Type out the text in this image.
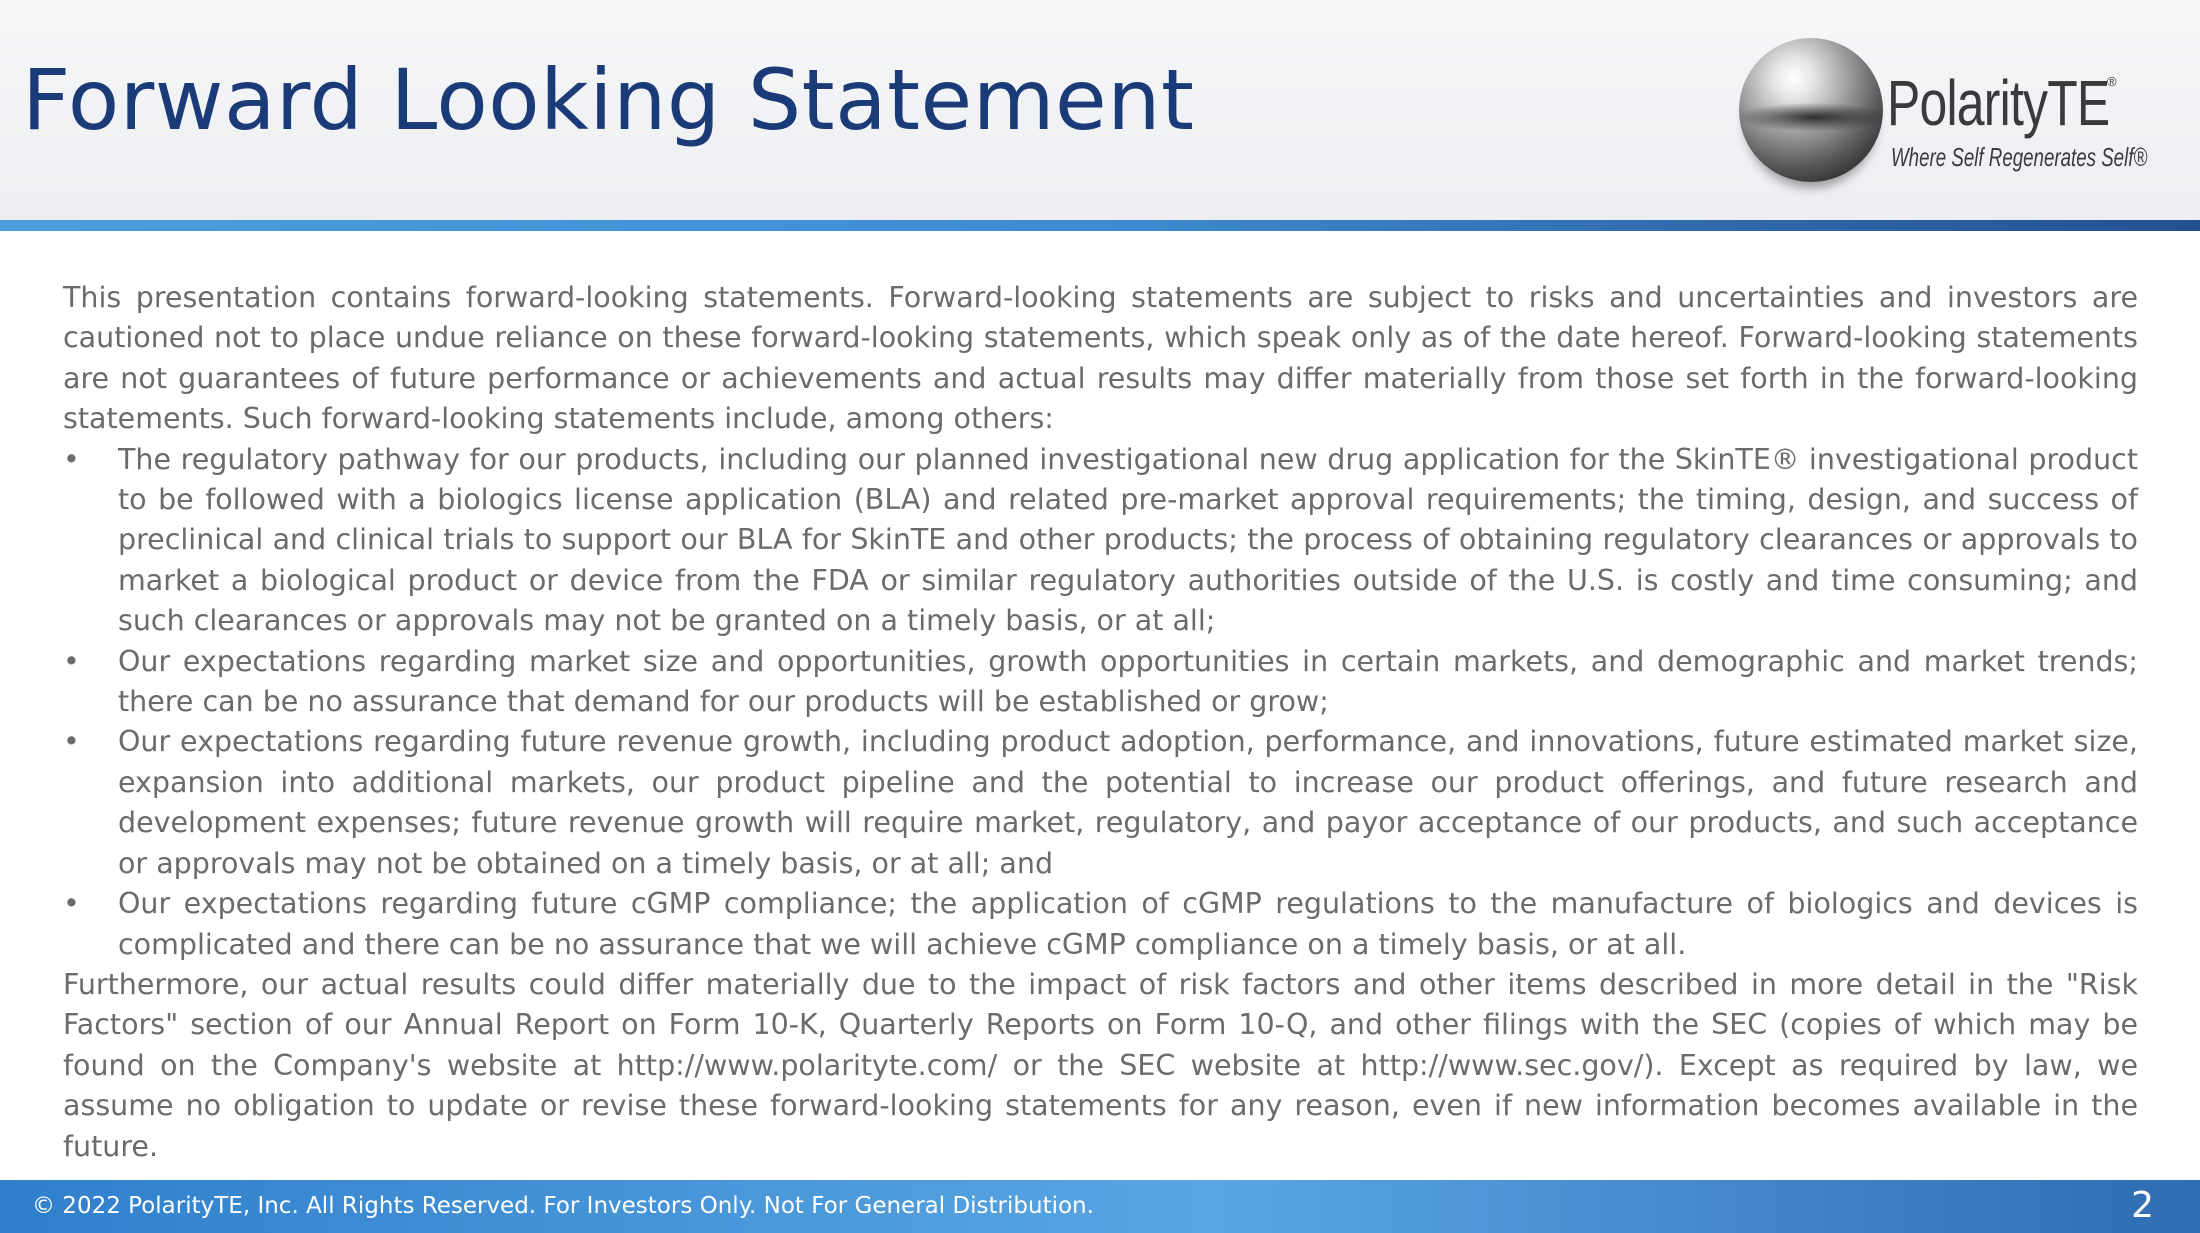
Forward Looking Statement	PolarityTE
®
Where Self Regenerates Self®

This presentation contains forward-looking statements. Forward-looking statements are subject to risks and uncertainties and investors are cautioned not to place undue reliance on these forward-looking statements, which speak only as of the date hereof. Forward-looking statements are not guarantees of future performance or achievements and actual results may differ materially from those set forth in the forward-looking statements. Such forward-looking statements include, among others:

• The regulatory pathway for our products, including our planned investigational new drug application for the SkinTE® investigational product to be followed with a biologics license application (BLA) and related pre-market approval requirements; the timing, design, and success of preclinical and clinical trials to support our BLA for SkinTE and other products; the process of obtaining regulatory clearances or approvals to market a biological product or device from the FDA or similar regulatory authorities outside of the U.S. is costly and time consuming; and such clearances or approvals may not be granted on a timely basis, or at all;
• Our expectations regarding market size and opportunities, growth opportunities in certain markets, and demographic and market trends; there can be no assurance that demand for our products will be established or grow;
• Our expectations regarding future revenue growth, including product adoption, performance, and innovations, future estimated market size, expansion into additional markets, our product pipeline and the potential to increase our product offerings, and future research and development expenses; future revenue growth will require market, regulatory, and payor acceptance of our products, and such acceptance or approvals may not be obtained on a timely basis, or at all; and
• Our expectations regarding future cGMP compliance; the application of cGMP regulations to the manufacture of biologics and devices is complicated and there can be no assurance that we will achieve cGMP compliance on a timely basis, or at all.

Furthermore, our actual results could differ materially due to the impact of risk factors and other items described in more detail in the "Risk Factors" section of our Annual Report on Form 10-K, Quarterly Reports on Form 10-Q, and other filings with the SEC (copies of which may be found on the Company's website at http://www.polarityte.com/ or the SEC website at http://www.sec.gov/). Except as required by law, we assume no obligation to update or revise these forward-looking statements for any reason, even if new information becomes available in the future.

© 2022 PolarityTE, Inc. All Rights Reserved. For Investors Only. Not For General Distribution.	2
